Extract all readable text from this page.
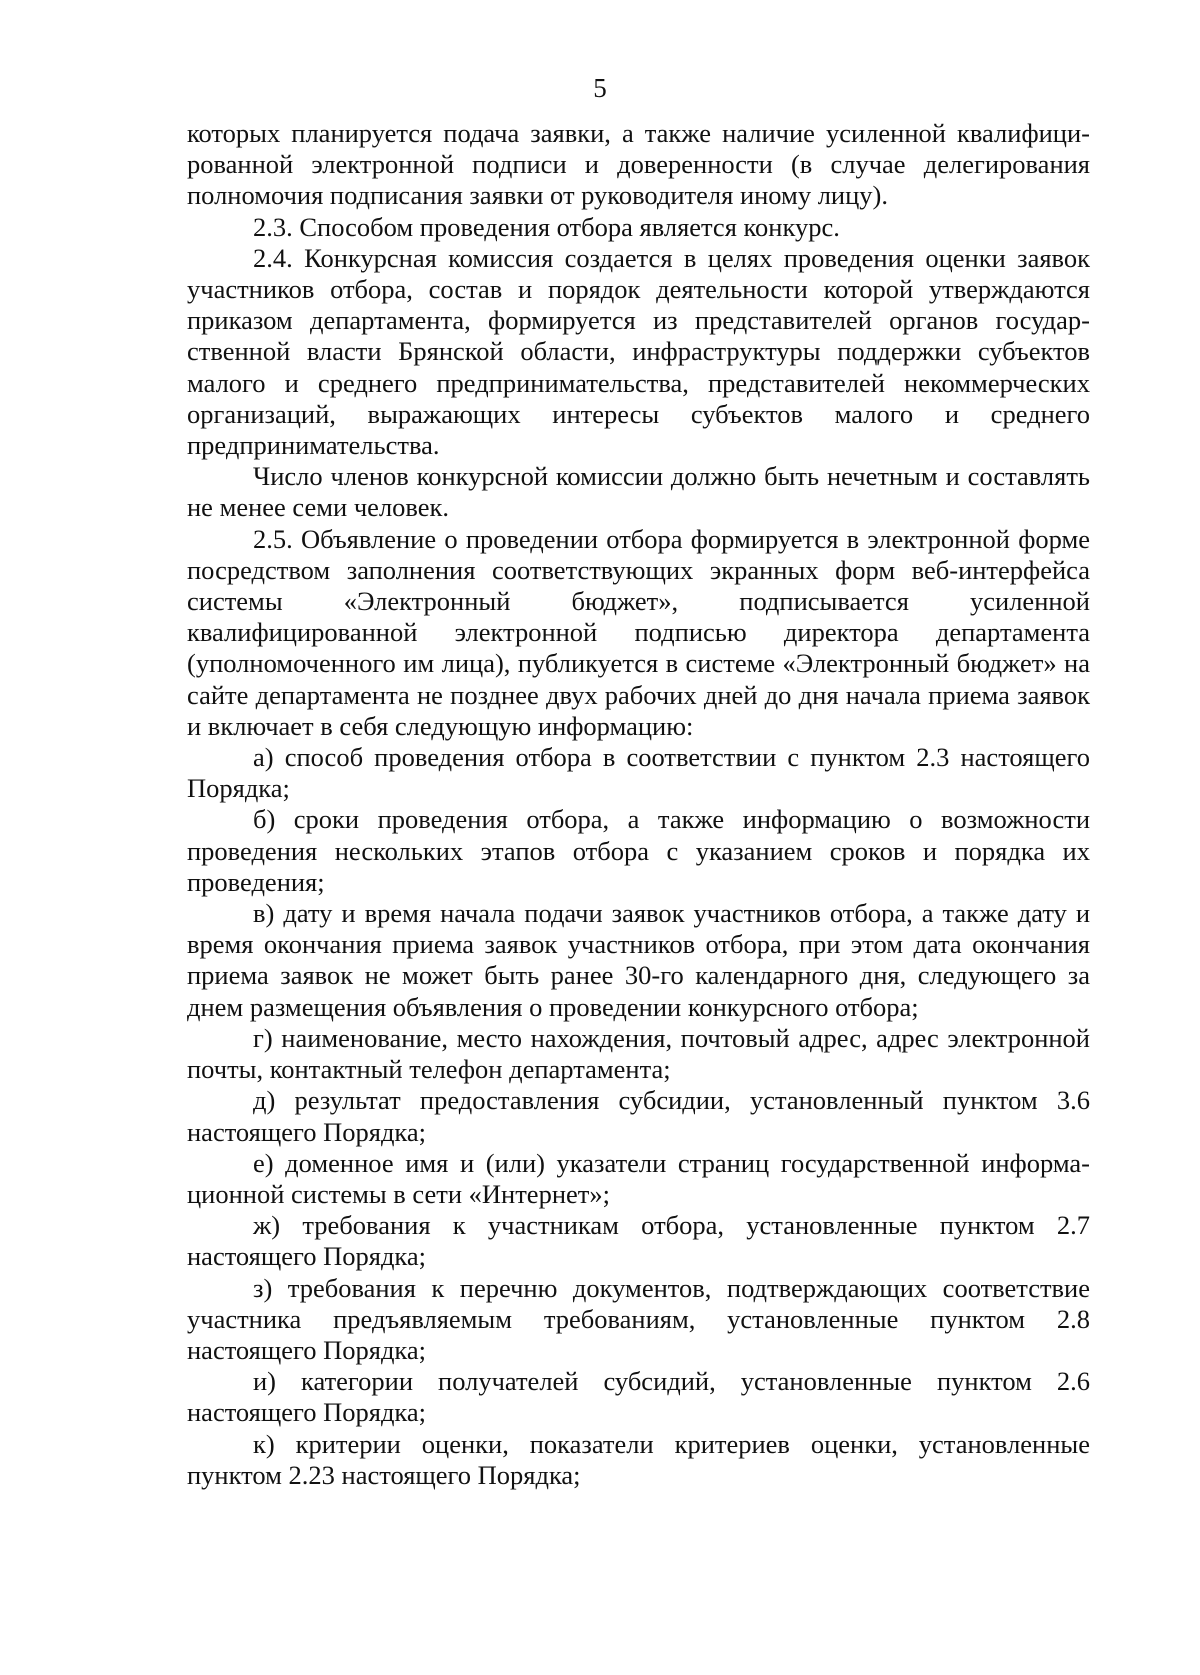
5

которых планируется подача заявки, а также наличие усиленной квалифици-рованной электронной подписи и доверенности (в случае делегирования полномочия подписания заявки от руководителя иному лицу).

2.3. Способом проведения отбора является конкурс.

2.4. Конкурсная комиссия создается в целях проведения оценки заявок участников отбора, состав и порядок деятельности которой утверждаются приказом департамента, формируется из представителей органов государ-ственной власти Брянской области, инфраструктуры поддержки субъектов малого и среднего предпринимательства, представителей некоммерческих организаций, выражающих интересы субъектов малого и среднего предпринимательства.

Число членов конкурсной комиссии должно быть нечетным и составлять не менее семи человек.

2.5. Объявление о проведении отбора формируется в электронной форме посредством заполнения соответствующих экранных форм веб-интерфейса системы «Электронный бюджет», подписывается усиленной квалифицированной электронной подписью директора департамента (уполномоченного им лица), публикуется в системе «Электронный бюджет» на сайте департамента не позднее двух рабочих дней до дня начала приема заявок и включает в себя следующую информацию:

а) способ проведения отбора в соответствии с пунктом 2.3 настоящего Порядка;

б) сроки проведения отбора, а также информацию о возможности проведения нескольких этапов отбора с указанием сроков и порядка их проведения;

в) дату и время начала подачи заявок участников отбора, а также дату и время окончания приема заявок участников отбора, при этом дата окончания приема заявок не может быть ранее 30-го календарного дня, следующего за днем размещения объявления о проведении конкурсного отбора;

г) наименование, место нахождения, почтовый адрес, адрес электронной почты, контактный телефон департамента;

д) результат предоставления субсидии, установленный пунктом 3.6 настоящего Порядка;

е) доменное имя и (или) указатели страниц государственной информа-ционной системы в сети «Интернет»;

ж) требования к участникам отбора, установленные пунктом 2.7 настоящего Порядка;

з) требования к перечню документов, подтверждающих соответствие участника предъявляемым требованиям, установленные пунктом 2.8 настоящего Порядка;

и) категории получателей субсидий, установленные пунктом 2.6 настоящего Порядка;

к) критерии оценки, показатели критериев оценки, установленные пунктом 2.23 настоящего Порядка;
